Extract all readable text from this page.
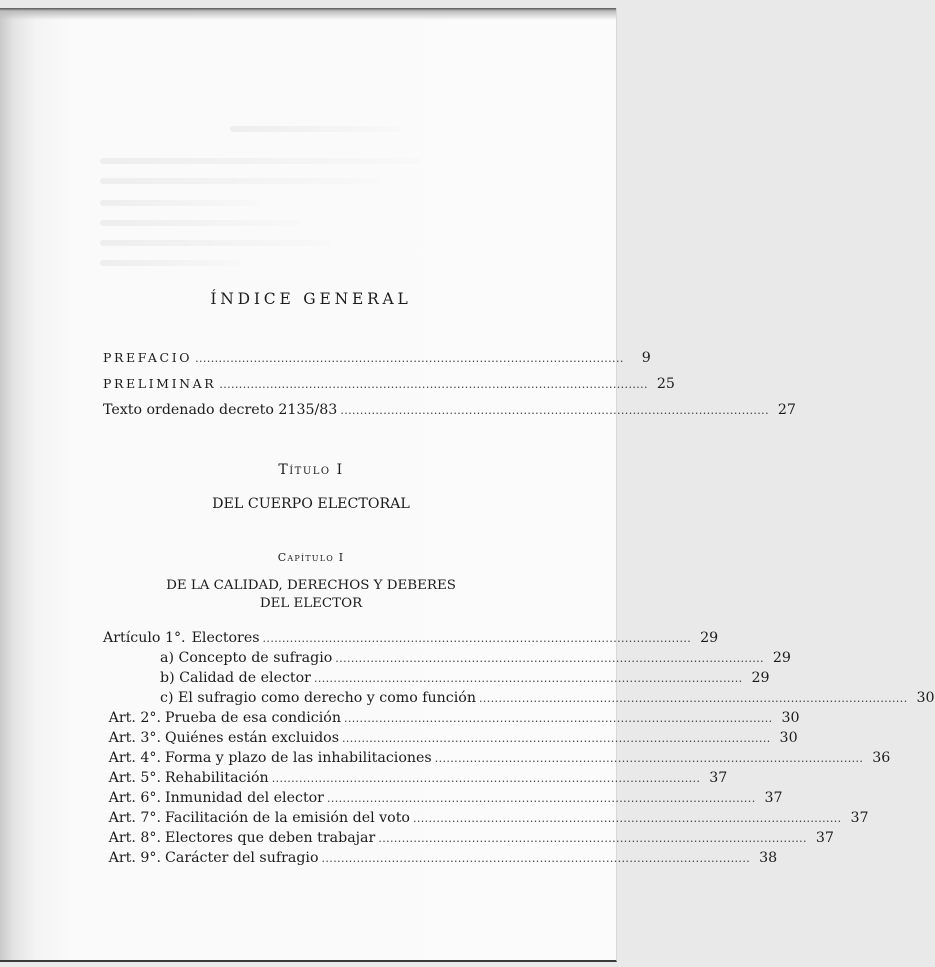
ÍNDICE GENERAL
PREFACIO ..............................................................................................................	9
PRELIMINAR .............................................................................................................. 25
Texto ordenado decreto 2135/83 .............................................................................................................. 27
Título I
DEL CUERPO ELECTORAL
Capítulo I
DE LA CALIDAD, DERECHOS Y DEBERES
DEL ELECTOR
Artículo 1°. Electores .............................................................................................................. 29
a) Concepto de sufragio .............................................................................................................. 29
b) Calidad de elector .............................................................................................................. 29
c) El sufragio como derecho y como función .............................................................................................................. 30
Art. 2°. Prueba de esa condición .............................................................................................................. 30
Art. 3°. Quiénes están excluidos .............................................................................................................. 30
Art. 4°. Forma y plazo de las inhabilitaciones .............................................................................................................. 36
Art. 5°. Rehabilitación .............................................................................................................. 37
Art. 6°. Inmunidad del elector .............................................................................................................. 37
Art. 7°. Facilitación de la emisión del voto .............................................................................................................. 37
Art. 8°. Electores que deben trabajar .............................................................................................................. 37
Art. 9°. Carácter del sufragio .............................................................................................................. 38
